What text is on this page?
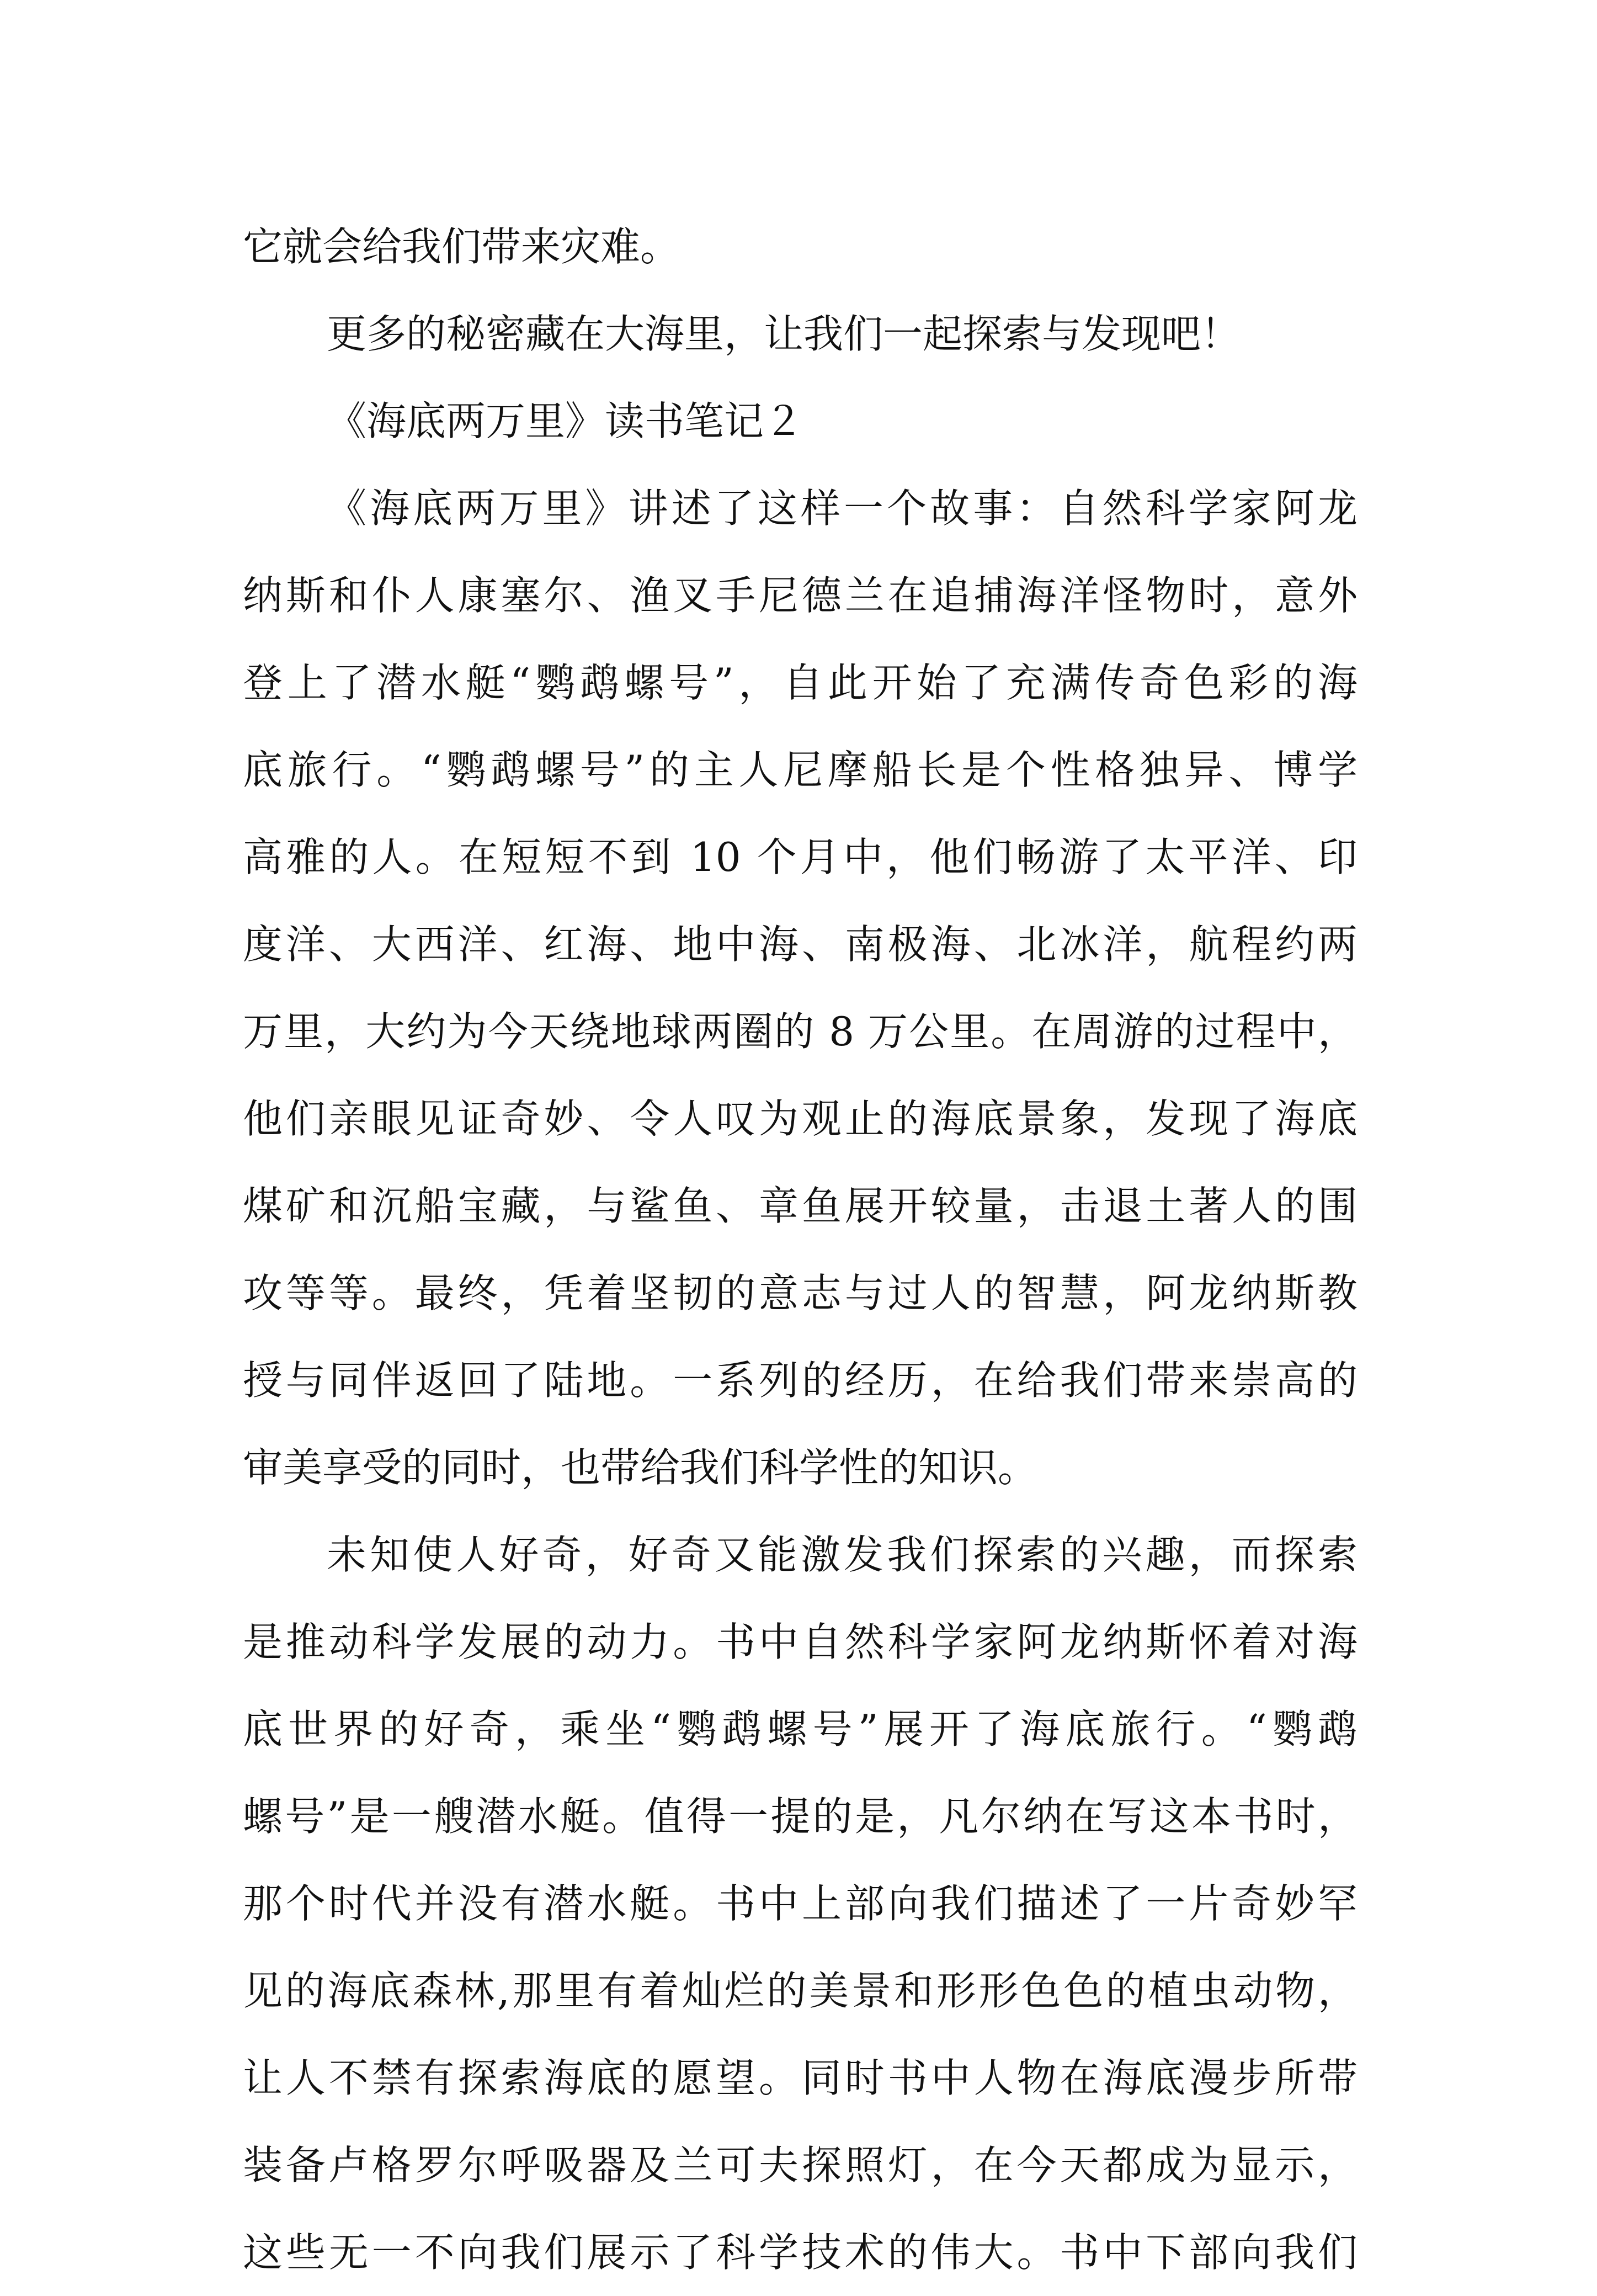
它就会给我们带来灾难。
更多的秘密藏在大海里，让我们一起探索与发现吧！
《海底两万里》读书笔记２
《海底两万里》讲述了这样一个故事：自然科学家阿龙
纳斯和仆人康塞尔、渔叉手尼德兰在追捕海洋怪物时，意外
登上了潜水艇“鹦鹉螺号”，自此开始了充满传奇色彩的海
底旅行。“鹦鹉螺号”的主人尼摩船长是个性格独异、博学
高雅的人。在短短不到 10 个月中，他们畅游了太平洋、印
度洋、大西洋、红海、地中海、南极海、北冰洋，航程约两
万里，大约为今天绕地球两圈的 8 万公里。在周游的过程中，
他们亲眼见证奇妙、令人叹为观止的海底景象，发现了海底
煤矿和沉船宝藏，与鲨鱼、章鱼展开较量，击退土著人的围
攻等等。最终，凭着坚韧的意志与过人的智慧，阿龙纳斯教
授与同伴返回了陆地。一系列的经历，在给我们带来崇高的
审美享受的同时，也带给我们科学性的知识。
未知使人好奇，好奇又能激发我们探索的兴趣，而探索
是推动科学发展的动力。书中自然科学家阿龙纳斯怀着对海
底世界的好奇，乘坐“鹦鹉螺号”展开了海底旅行。“鹦鹉
螺号”是一艘潜水艇。值得一提的是，凡尔纳在写这本书时，
那个时代并没有潜水艇。书中上部向我们描述了一片奇妙罕
见的海底森林,那里有着灿烂的美景和形形色色的植虫动物，
让人不禁有探索海底的愿望。同时书中人物在海底漫步所带
装备卢格罗尔呼吸器及兰可夫探照灯，在今天都成为显示，
这些无一不向我们展示了科学技术的伟大。书中下部向我们
